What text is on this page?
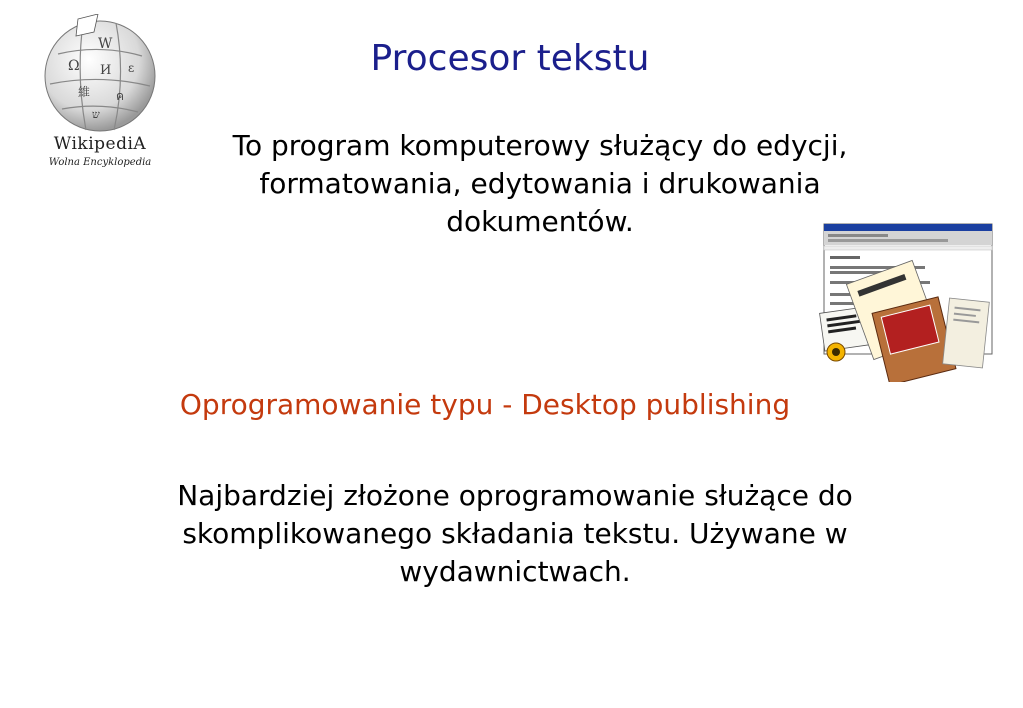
W
Ω И ε
維 ค
ש
WikipediA
Wolna Encyklopedia
Procesor tekstu
To program komputerowy służący do edycji, formatowania, edytowania i drukowania dokumentów.
Oprogramowanie typu - Desktop publishing
Najbardziej złożone oprogramowanie służące do skomplikowanego składania tekstu. Używane w wydawnictwach.
